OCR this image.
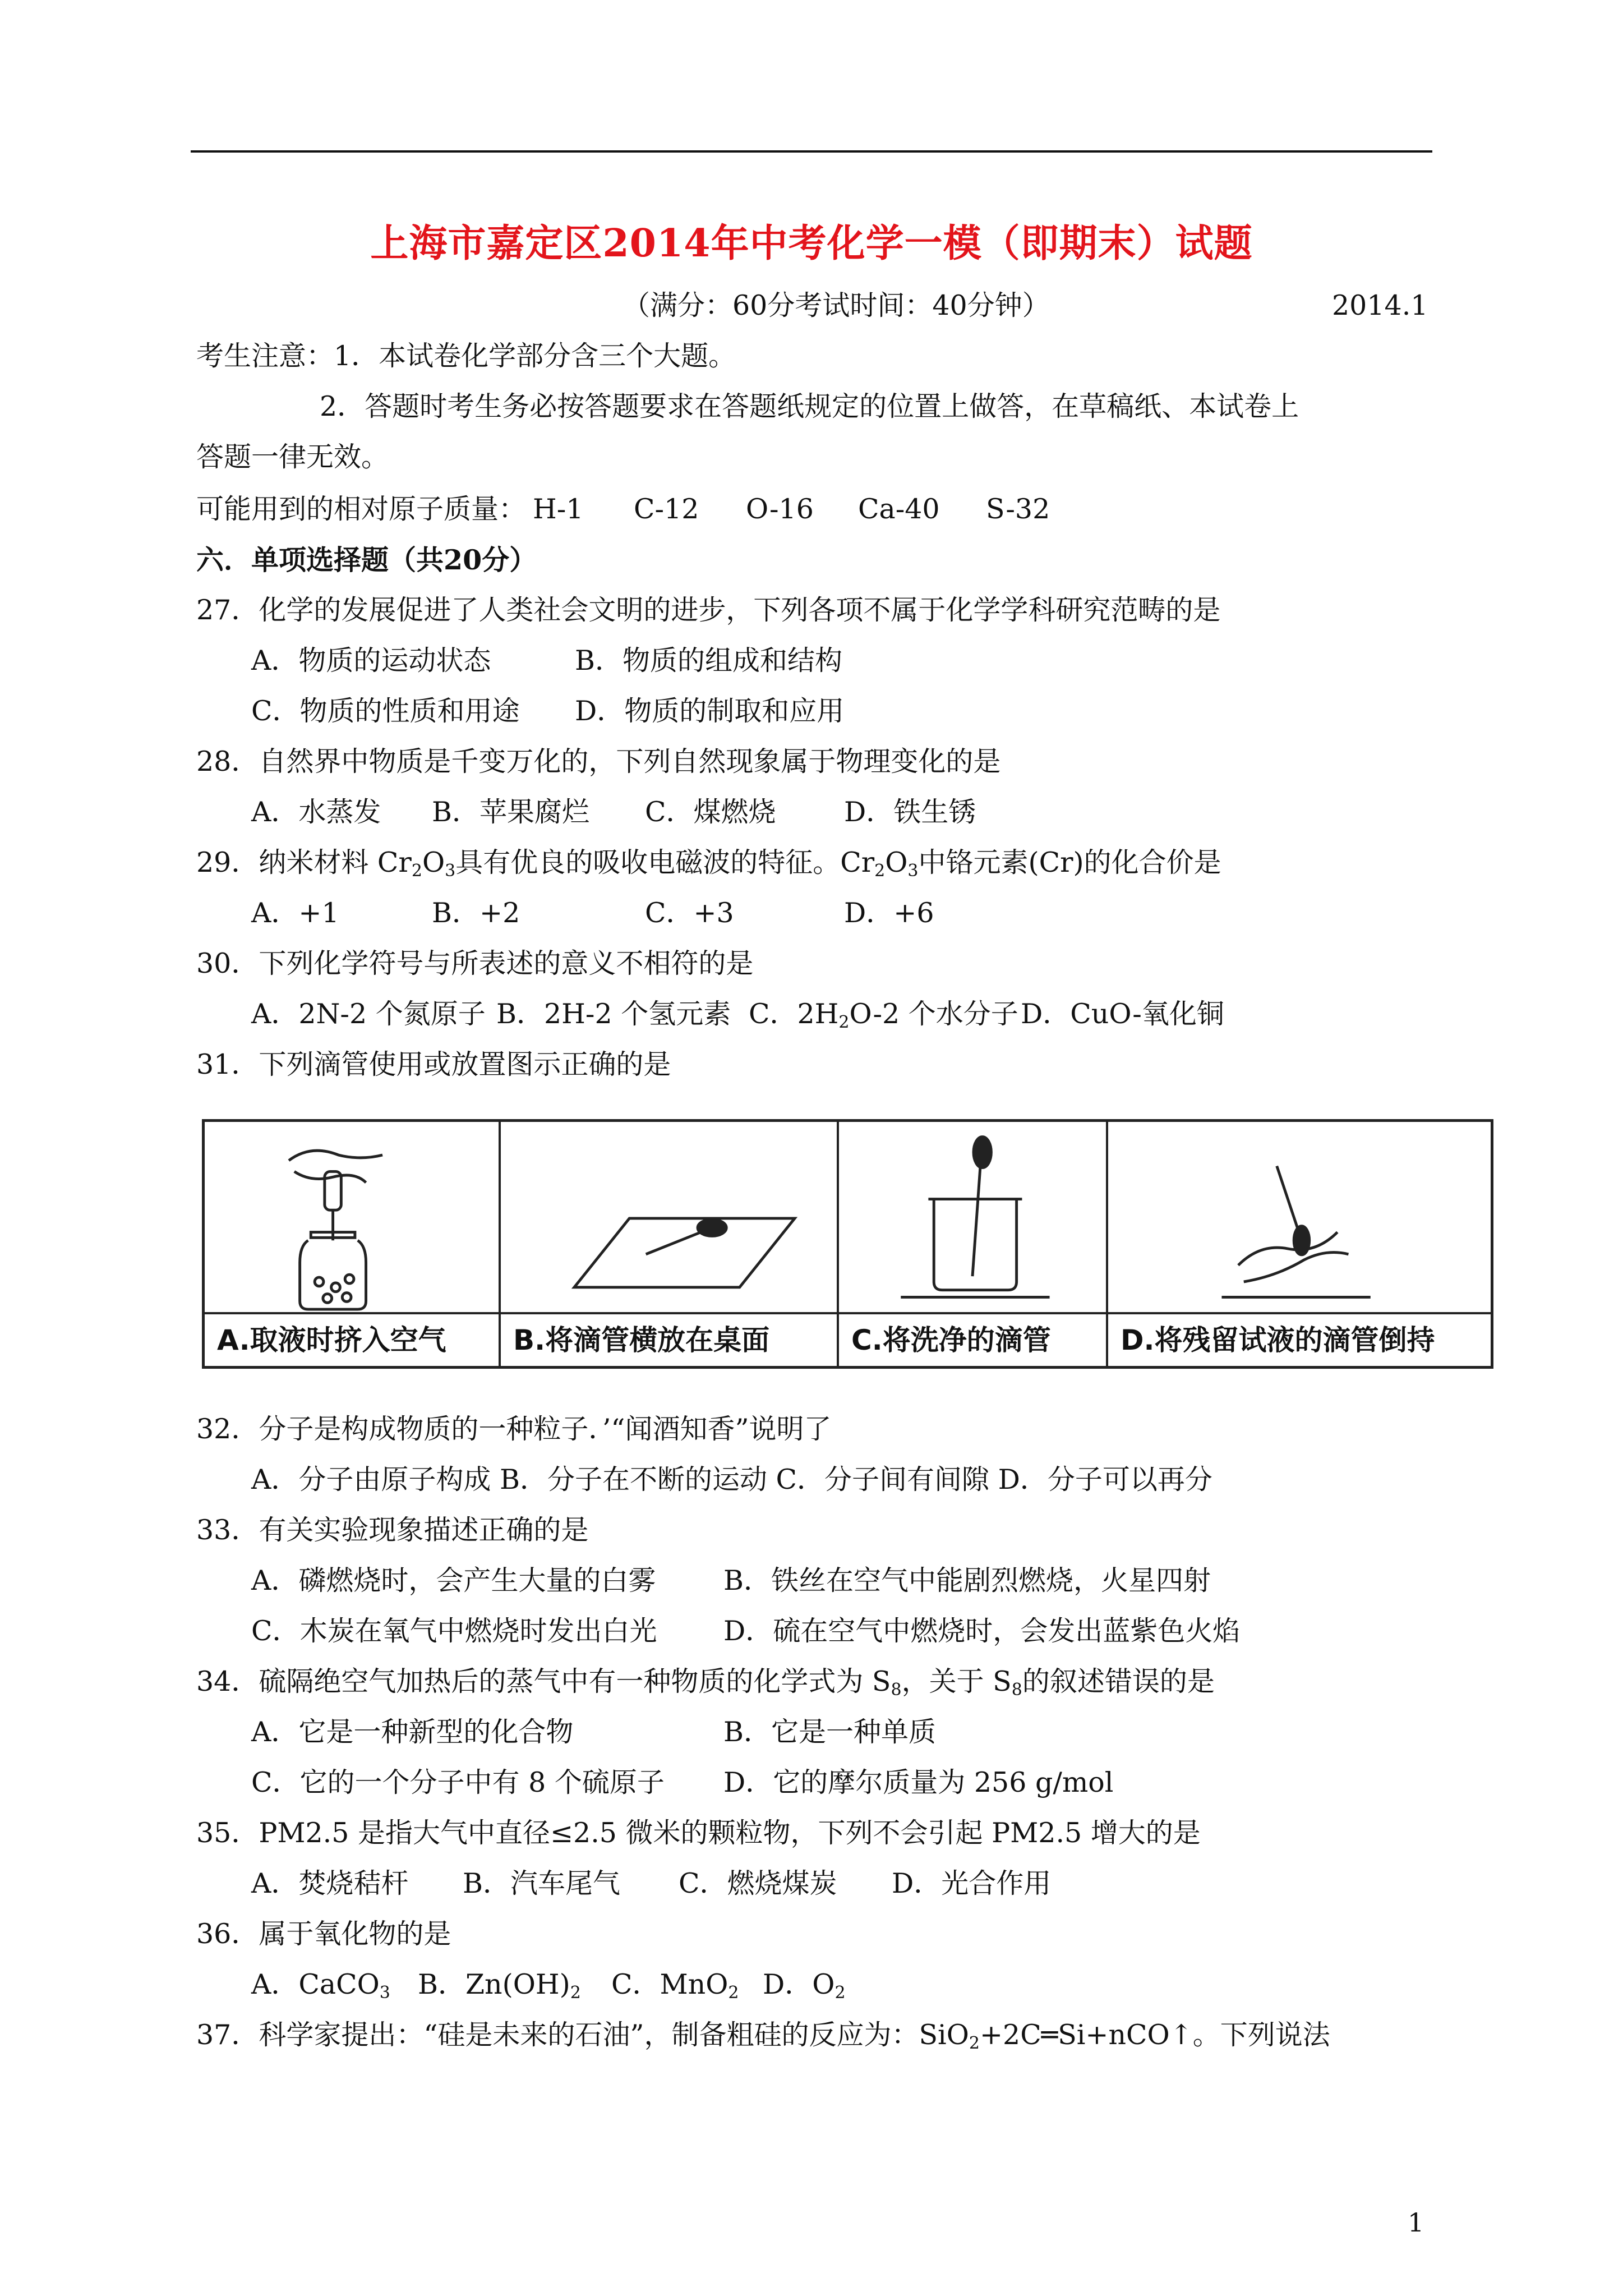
上海市嘉定区2014年中考化学一模（即期末）试题
（满分：60分考试时间：40分钟）	2014.1
考生注意：1．本试卷化学部分含三个大题。
2．答题时考生务必按答题要求在答题纸规定的位置上做答，在草稿纸、本试卷上
答题一律无效。
可能用到的相对原子质量： H-1 C-12 O-16 Ca-40 S-32
六．单项选择题（共20分）
27．化学的发展促进了人类社会文明的进步，下列各项不属于化学学科研究范畴的是
A．物质的运动状态	B．物质的组成和结构
C．物质的性质和用途 D．物质的制取和应用
28．自然界中物质是千变万化的，下列自然现象属于物理变化的是
A．水蒸发 B．苹果腐烂 C．煤燃烧 D．铁生锈
29．纳米材料 $Cr_2O_3$具有优良的吸收电磁波的特征。$Cr_2O_3$中铬元素(Cr)的化合价是
A．+1	B．+2	C．+3	D．+6
30．下列化学符号与所表述的意义不相符的是
A．2N-2 个氮原子 B．2H-2 个氢元素 C．$2H_2O-2$ 个水分子 D．CuO-氧化铜
31．下列滴管使用或放置图示正确的是
A.取液时挤入空气	B.将滴管横放在桌面	C.将洗净的滴管	D.将残留试液的滴管倒持
32．分子是构成物质的一种粒子．’“闻酒知香”说明了
A．分子由原子构成 B．分子在不断的运动 C．分子间有间隙 D．分子可以再分
33．有关实验现象描述正确的是
A．磷燃烧时，会产生大量的白雾 B．铁丝在空气中能剧烈燃烧，火星四射
C．木炭在氧气中燃烧时发出白光 D．硫在空气中燃烧时，会发出蓝紫色火焰
34．硫隔绝空气加热后的蒸气中有一种物质的化学式为 $S_8$，关于 $S_8$的叙述错误的是
A．它是一种新型的化合物	B．它是一种单质
C．它的一个分子中有 8 个硫原子 D．它的摩尔质量为 256 g/mol
35．PM2.5 是指大气中直径≤2.5 微米的颗粒物，下列不会引起 PM2.5 增大的是
A．焚烧秸杆 B．汽车尾气 C．燃烧煤炭 D．光合作用
36．属于氧化物的是
A．CaCO$_3$ B．$Zn(OH)_2$ C．MnO$_2$ D．$O_2$
37．科学家提出：“硅是未来的石油”，制备粗硅的反应为：SiO$_2$+2C═Si+nCO↑。下列说法
1
